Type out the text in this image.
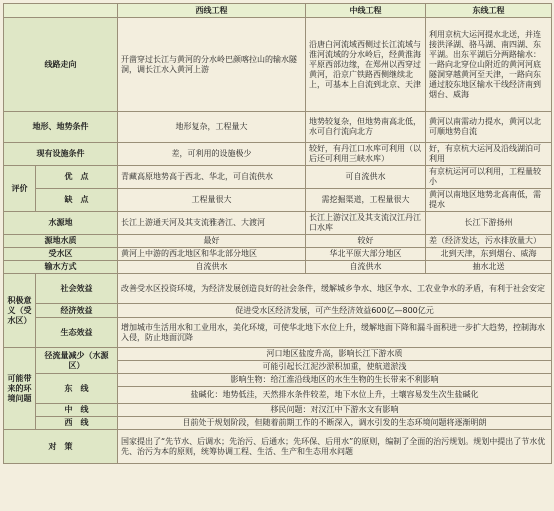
		西线工程	中线工程	东线工程
线路走向		开凿穿过长江与黄河的分水岭巴颜喀拉山的输水隧洞，调长江水入黄河上游	沿唐白河流域西侧过长江流域与淮河流域的分水岭后，经黄淮海平原西部边缘，在郑州以西穿过黄河，沿京广铁路西侧继续北上，可基本上自流到北京、天津	利用京杭大运河提水北送，并连接洪泽湖、骆马湖、南四湖、东平湖。出东平湖后分两路输水：一路向北穿位山附近的黄河河底隧洞穿越黄河至天津，一路向东通过胶东地区输水干线经济南到烟台、威海
地形、地势条件		地形复杂，工程量大	地势较复杂，但地势南高北低，水可自行流向北方	黄河以南需动力提水，黄河以北可顺地势自流
现有设施条件		差，可利用的设施极少	较好，有丹江口水库可利用（以后还可利用三峡水库）	好，有京杭大运河及沿线湖泊可利用
评价	优　点	青藏高原地势高于西北、华北，可自流供水	可自流供水	有京杭运河可以利用，工程量较小
	缺　点	工程量很大	需挖掘渠道，工程量很大	黄河以南地区地势北高南低，需提水
水源地		长江上游通天河及其支流雅砻江、大渡河	长江上游汉江及其支流汉江丹江口水库	长江下游扬州
源地水质		最好	较好	差（经济发达，污水排放量大）
受水区		黄河上中游的西北地区和华北部分地区	华北平原大部分地区	北到天津，东到烟台、威海
输水方式		自流供水	自流供水	抽水北送
积极意义（受水区）	社会效益	改善受水区投资环境，为经济发展创造良好的社会条件，缓解城乡争水、地区争水、工农业争水的矛盾，有利于社会安定		
	经济效益	促进受水区经济发展，可产生经济效益600亿—800亿元		
	生态效益	增加城市生活用水和工业用水，美化环境，可使华北地下水位上升，缓解地面下降和漏斗面积进一步扩大趋势，控制海水入侵，防止地面沉降		
可能带来的环境问题	径流量减少（水源区）	河口地区盐度升高，影响长江下游水质		
		可能引起长江泥沙淤积加重，使航道淤浅		
	东　线	影响生物：给江淮沿线地区的水生生物的生长带来不利影响		
		盐碱化：地势低洼，天然排水条件较差，地下水位上升，土壤容易发生次生盐碱化		

	中　线	移民问题：对汉江中下游水文有影响		
	西　线	目前处于规划阶段，但随着前期工作的不断深入，调水引发的生态环境问题将逐渐明朗		
对　策		国家提出了“先节水、后调水；先治污、后通水；先环保、后用水”的原则，编制了全面的治污规划。规划中提出了节水优先、治污为本的原则，统筹协调工程、生活、生产和生态用水问题		
